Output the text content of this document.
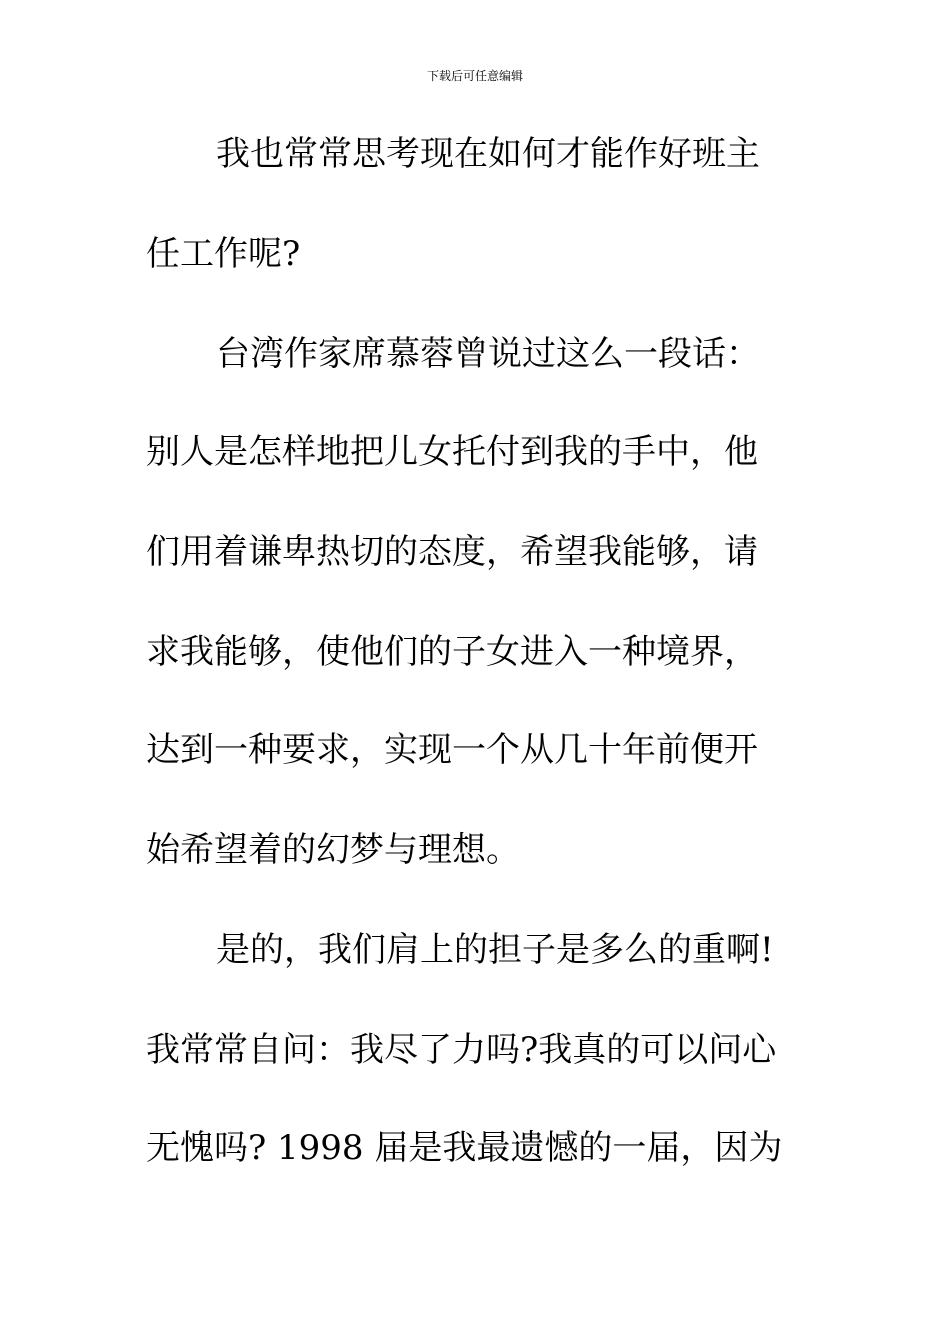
下载后可任意编辑
我也常常思考现在如何才能作好班主
任工作呢?
台湾作家席慕蓉曾说过这么一段话：
别人是怎样地把儿女托付到我的手中，他
们用着谦卑热切的态度，希望我能够，请
求我能够，使他们的子女进入一种境界，
达到一种要求，实现一个从几十年前便开
始希望着的幻梦与理想。
是的，我们肩上的担子是多么的重啊!
我常常自问：我尽了力吗?我真的可以问心
无愧吗? 1998 届是我最遗憾的一届，因为
